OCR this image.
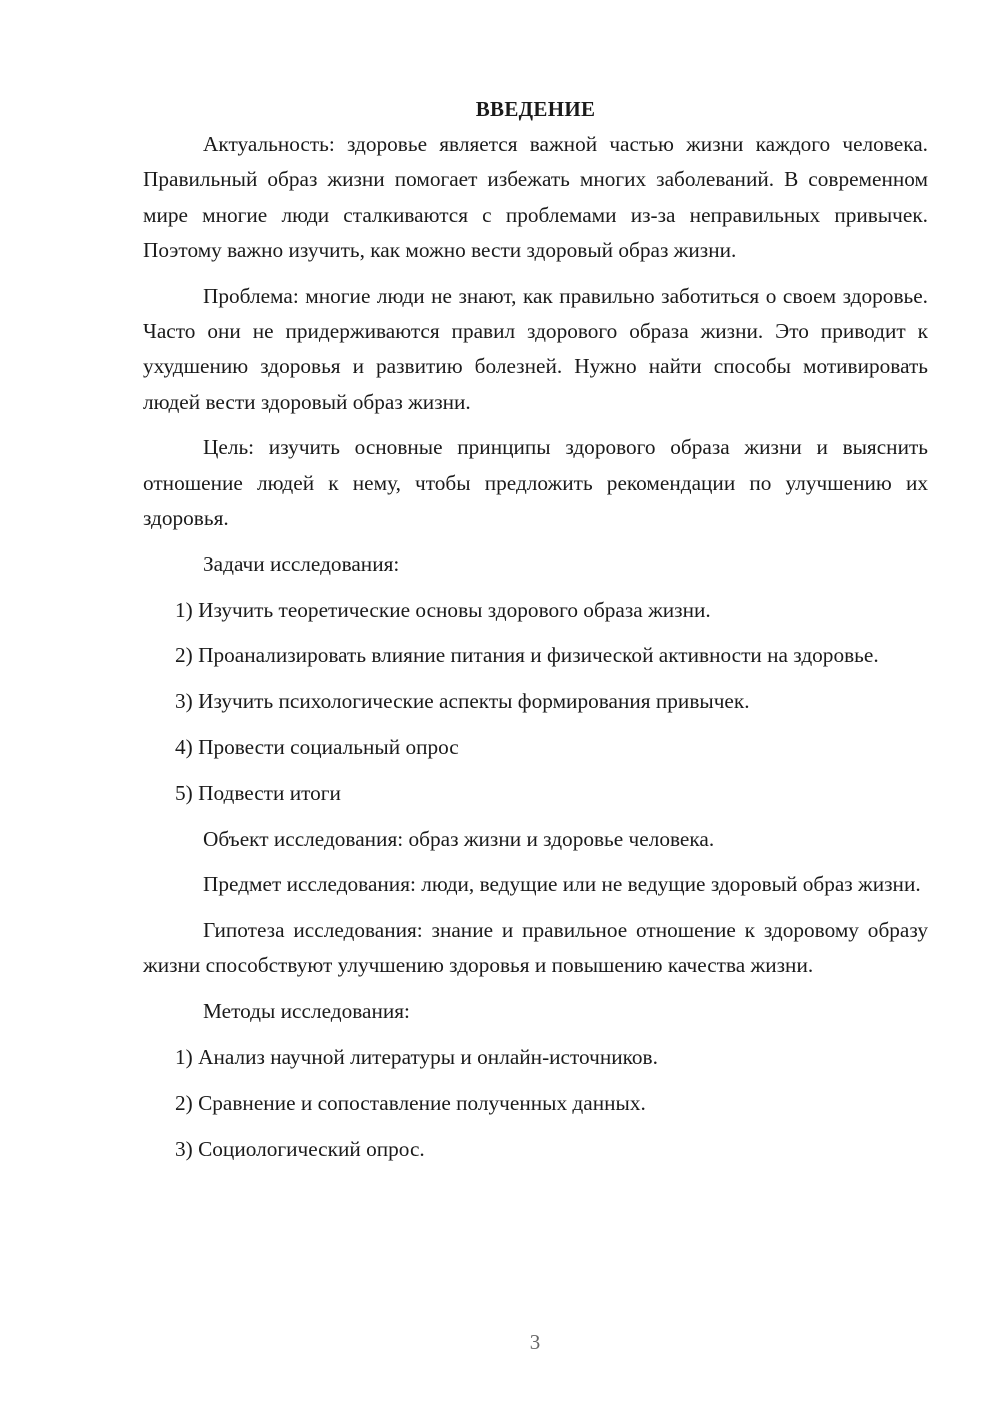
ВВЕДЕНИЕ

Актуальность: здоровье является важной частью жизни каждого человека. Правильный образ жизни помогает избежать многих заболеваний. В современном мире многие люди сталкиваются с проблемами из-за неправильных привычек. Поэтому важно изучить, как можно вести здоровый образ жизни.

Проблема: многие люди не знают, как правильно заботиться о своем здоровье. Часто они не придерживаются правил здорового образа жизни. Это приводит к ухудшению здоровья и развитию болезней. Нужно найти способы мотивировать людей вести здоровый образ жизни.

Цель: изучить основные принципы здорового образа жизни и выяснить отношение людей к нему, чтобы предложить рекомендации по улучшению их здоровья.

Задачи исследования:

1) Изучить теоретические основы здорового образа жизни.

2) Проанализировать влияние питания и физической активности на здоровье.

3) Изучить психологические аспекты формирования привычек.

4) Провести социальный опрос

5) Подвести итоги

Объект исследования: образ жизни и здоровье человека.

Предмет исследования: люди, ведущие или не ведущие здоровый образ жизни.

Гипотеза исследования: знание и правильное отношение к здоровому образу жизни способствуют улучшению здоровья и повышению качества жизни.

Методы исследования:

1) Анализ научной литературы и онлайн-источников.

2) Сравнение и сопоставление полученных данных.

3) Социологический опрос.

3
